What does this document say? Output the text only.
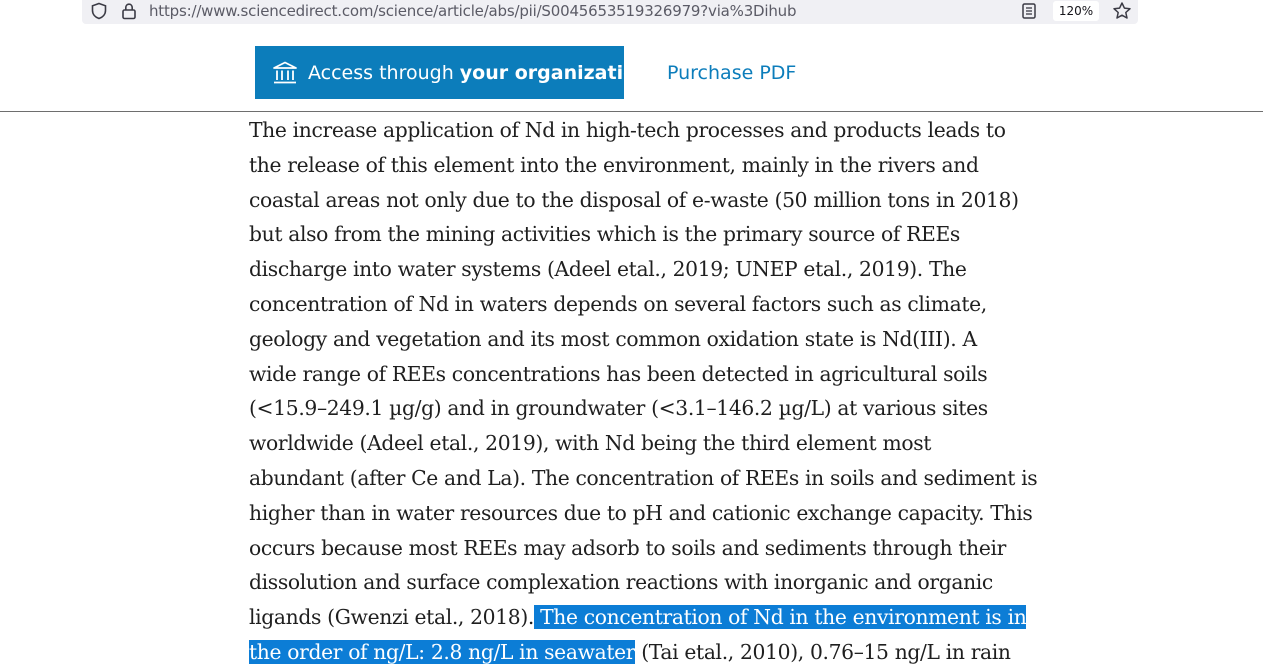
https://www.sciencedirect.com/science/article/abs/pii/S0045653519326979?via%3Dihub	120%
Access through your organization Purchase PDF
The increase application of Nd in high-tech processes and products leads to
the release of this element into the environment, mainly in the rivers and
coastal areas not only due to the disposal of e-waste (50 million tons in 2018)
but also from the mining activities which is the primary source of REEs
discharge into water systems (Adeel etal., 2019; UNEP etal., 2019). The
concentration of Nd in waters depends on several factors such as climate,
geology and vegetation and its most common oxidation state is Nd(III). A
wide range of REEs concentrations has been detected in agricultural soils
(<15.9–249.1 µg/g) and in groundwater (<3.1–146.2 µg/L) at various sites
worldwide (Adeel etal., 2019), with Nd being the third element most
abundant (after Ce and La). The concentration of REEs in soils and sediment is
higher than in water resources due to pH and cationic exchange capacity. This
occurs because most REEs may adsorb to soils and sediments through their
dissolution and surface complexation reactions with inorganic and organic
ligands (Gwenzi etal., 2018). The concentration of Nd in the environment is in
the order of ng/L: 2.8 ng/L in seawater (Tai etal., 2010), 0.76–15 ng/L in rain
